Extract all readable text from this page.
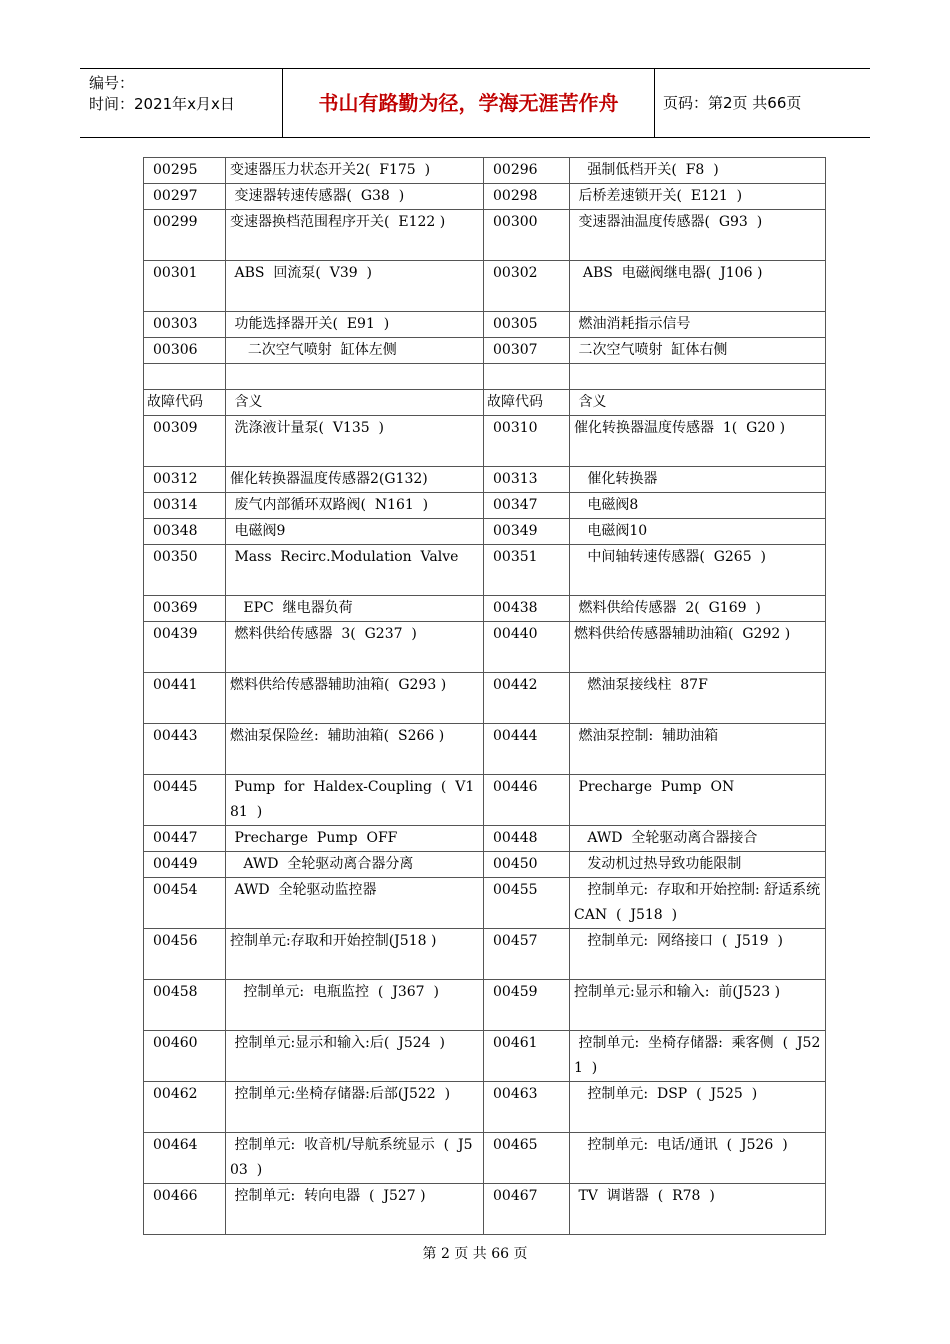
编号：
时间：2021年x月x日	书山有路勤为径，学海无涯苦作舟	页码：第2页 共66页
00295	变速器压力状态开关2(  F175  )	00296	强制低档开关(  F8  )
00297	变速器转速传感器(  G38  )	00298	后桥差速锁开关(  E121  )
00299	变速器换档范围程序开关(  E122 )	00300	变速器油温度传感器(  G93  )
00301	ABS  回流泵(  V39  )	00302	ABS  电磁阀继电器(  J106 )
00303	功能选择器开关(  E91  )	00305	燃油消耗指示信号
00306	二次空气喷射  缸体左侧	00307	二次空气喷射  缸体右侧

故障代码	含义	故障代码	含义
00309	洗涤液计量泵(  V135  )	00310	催化转换器温度传感器  1(  G20 )
00312	催化转换器温度传感器2(G132)	00313	催化转换器
00314	废气内部循环双路阀(  N161  )	00347	电磁阀8
00348	电磁阀9	00349	电磁阀10
00350	Mass  Recirc.Modulation  Valve	00351	中间轴转速传感器(  G265  )
00369	EPC  继电器负荷	00438	燃料供给传感器  2(  G169  )
00439	燃料供给传感器  3(  G237  )	00440	燃料供给传感器辅助油箱(  G292 )
00441	燃料供给传感器辅助油箱(  G293 )	00442	燃油泵接线柱  87F
00443	燃油泵保险丝:  辅助油箱(  S266 )	00444	燃油泵控制:  辅助油箱
00445	Pump  for  Haldex-Coupling  (  V181  )	00446	Precharge  Pump  ON
00447	Precharge  Pump  OFF	00448	AWD  全轮驱动离合器接合
00449	AWD  全轮驱动离合器分离	00450	发动机过热导致功能限制
00454	AWD  全轮驱动监控器	00455	控制单元:  存取和开始控制: 舒适系统  CAN  (  J518  )
00456	控制单元:存取和开始控制(J518 )	00457	控制单元:  网络接口  (  J519  )
00458	控制单元:  电瓶监控  (  J367  )	00459	控制单元:显示和输入:  前(J523 )
00460	控制单元:显示和输入:后(  J524  )	00461	控制单元:  坐椅存储器:  乘客侧  (  J521  )
00462	控制单元:坐椅存储器:后部(J522  )	00463	控制单元:  DSP  (  J525  )
00464	控制单元:  收音机/导航系统显示  (  J503  )	00465	控制单元:  电话/通讯  (  J526  )
00466	控制单元:  转向电器  (  J527 )	00467	TV  调谐器  (  R78  )
第 2 页 共 66 页
